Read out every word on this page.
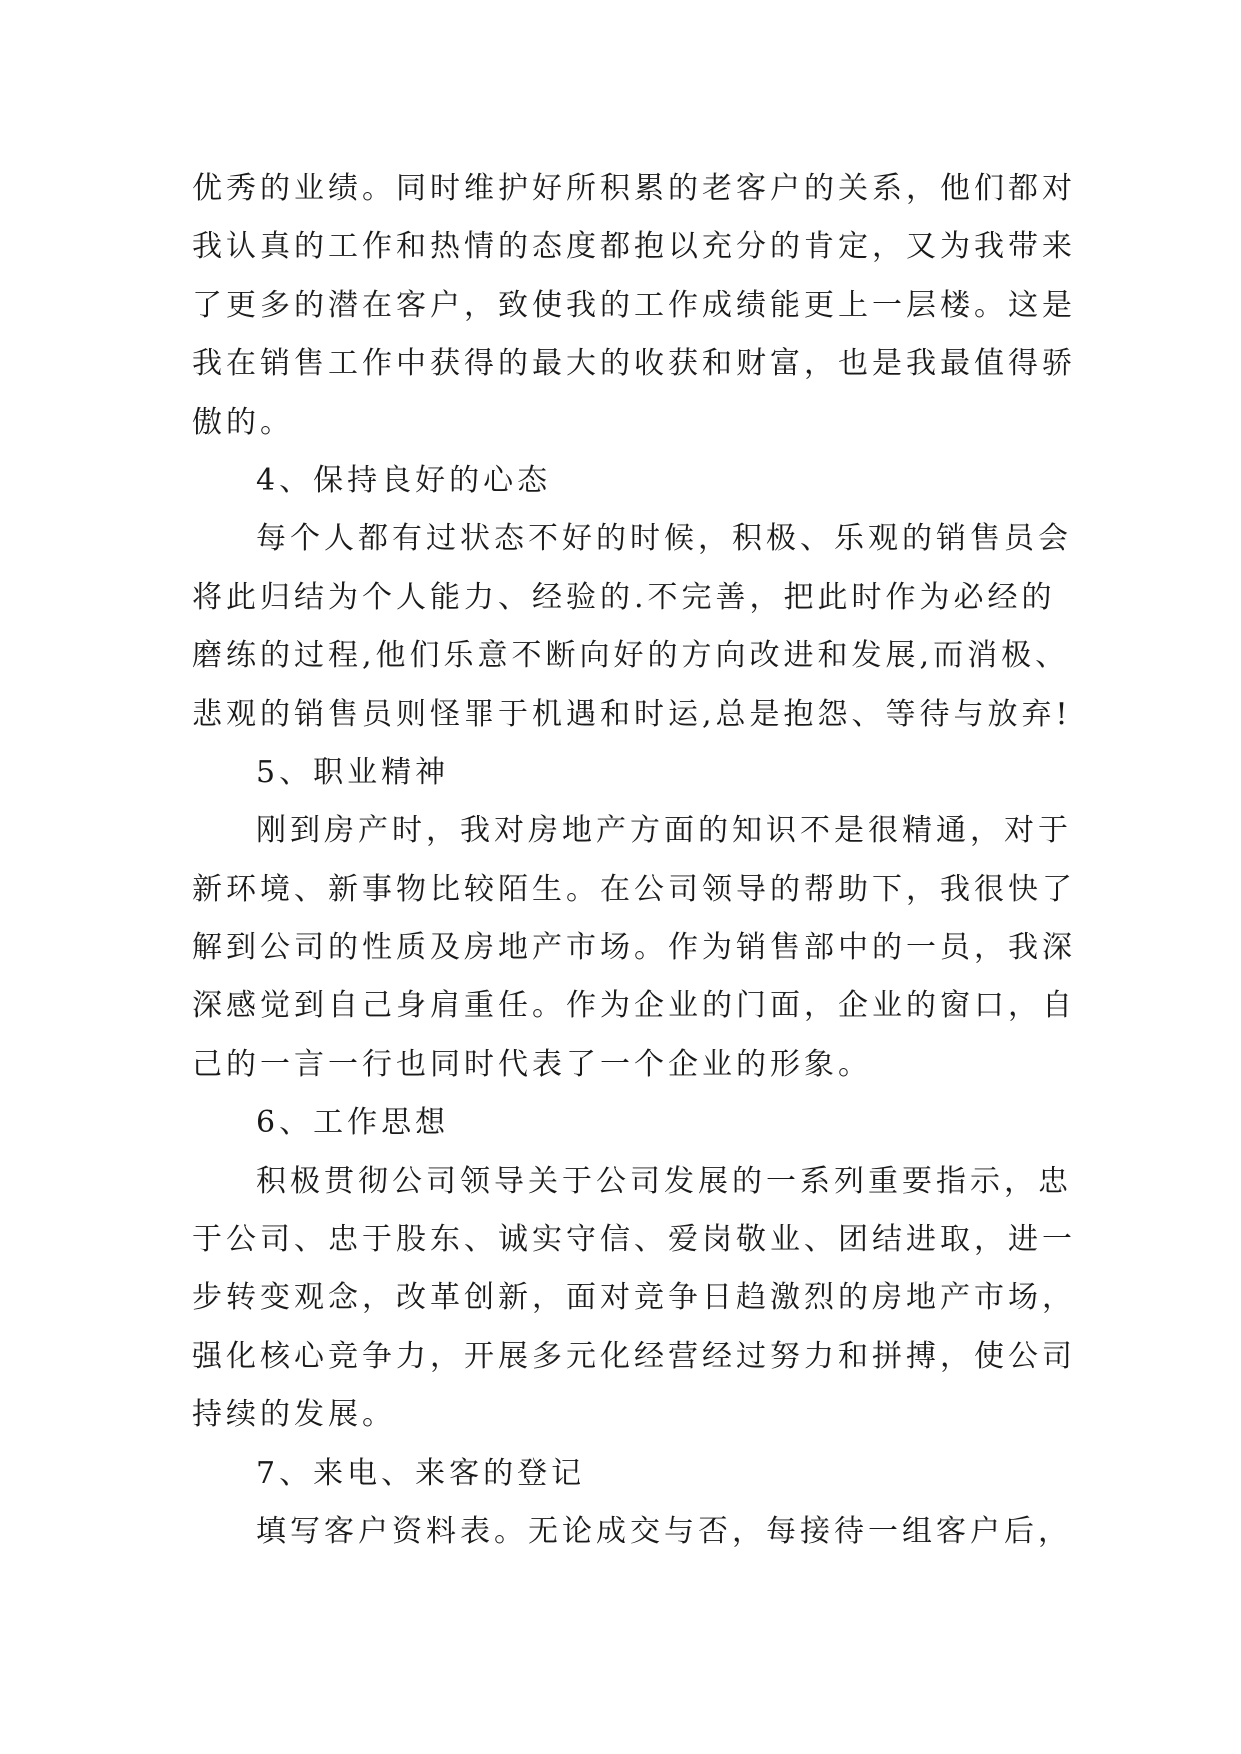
优秀的业绩。同时维护好所积累的老客户的关系，他们都对
我认真的工作和热情的态度都抱以充分的肯定，又为我带来
了更多的潜在客户，致使我的工作成绩能更上一层楼。这是
我在销售工作中获得的最大的收获和财富，也是我最值得骄
傲的。
4、保持良好的心态
每个人都有过状态不好的时候，积极、乐观的销售员会
将此归结为个人能力、经验的.不完善，把此时作为必经的
磨练的过程,他们乐意不断向好的方向改进和发展,而消极、
悲观的销售员则怪罪于机遇和时运,总是抱怨、等待与放弃!
5、职业精神
刚到房产时，我对房地产方面的知识不是很精通，对于
新环境、新事物比较陌生。在公司领导的帮助下，我很快了
解到公司的性质及房地产市场。作为销售部中的一员，我深
深感觉到自己身肩重任。作为企业的门面，企业的窗口，自
己的一言一行也同时代表了一个企业的形象。
6、工作思想
积极贯彻公司领导关于公司发展的一系列重要指示，忠
于公司、忠于股东、诚实守信、爱岗敬业、团结进取，进一
步转变观念，改革创新，面对竞争日趋激烈的房地产市场，
强化核心竞争力，开展多元化经营经过努力和拼搏，使公司
持续的发展。
7、来电、来客的登记
填写客户资料表。无论成交与否，每接待一组客户后，
